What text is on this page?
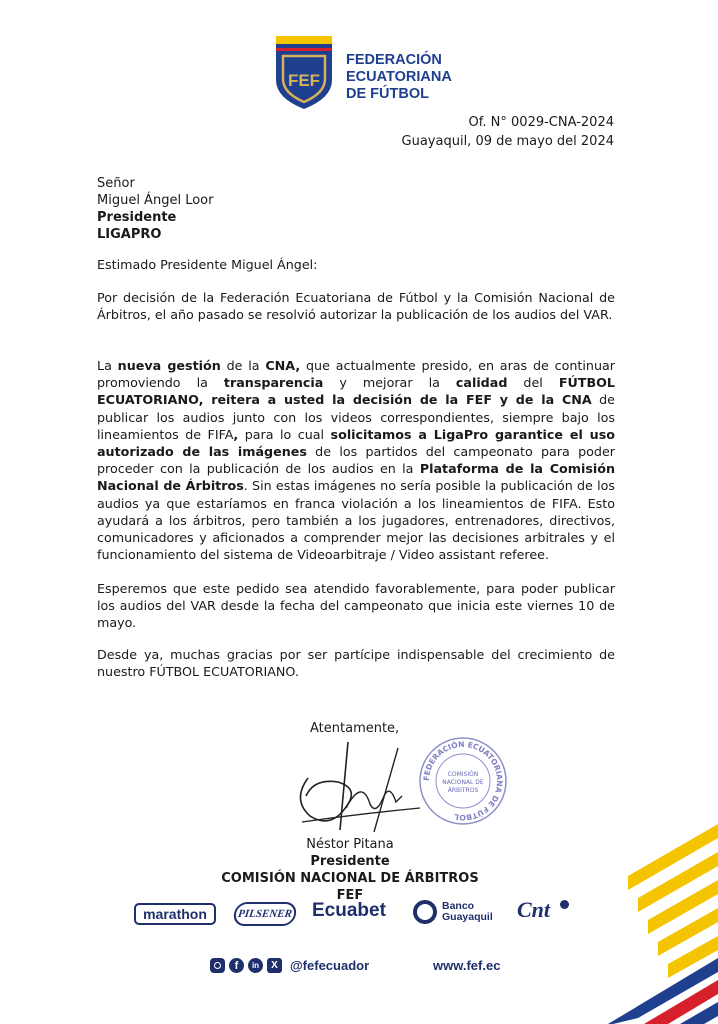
FEF
FEDERACIÓN
ECUATORIANA
DE FÚTBOL
Of. N° 0029-CNA-2024
Guayaquil, 09 de mayo del 2024
Señor
Miguel Ángel Loor
Presidente
LIGAPRO
Estimado Presidente Miguel Ángel:
Por decisión de la Federación Ecuatoriana de Fútbol y la Comisión Nacional de Árbitros, el año pasado se resolvió autorizar la publicación de los audios del VAR.
La nueva gestión de la CNA, que actualmente presido, en aras de continuar promoviendo la transparencia y mejorar la calidad del FÚTBOL ECUATORIANO, reitera a usted la decisión de la FEF y de la CNA de publicar los audios junto con los videos correspondientes, siempre bajo los lineamientos de FIFA, para lo cual solicitamos a LigaPro garantice el uso autorizado de las imágenes de los partidos del campeonato para poder proceder con la publicación de los audios en la Plataforma de la Comisión Nacional de Árbitros. Sin estas imágenes no sería posible la publicación de los audios ya que estaríamos en franca violación a los lineamientos de FIFA. Esto ayudará a los árbitros, pero también a los jugadores, entrenadores, directivos, comunicadores y aficionados a comprender mejor las decisiones arbitrales y el funcionamiento del sistema de Videoarbitraje / Video assistant referee.
Esperemos que este pedido sea atendido favorablemente, para poder publicar los audios del VAR desde la fecha del campeonato que inicia este viernes 10 de mayo.
Desde ya, muchas gracias por ser partícipe indispensable del crecimiento de nuestro FÚTBOL ECUATORIANO.
Atentamente,
FEDERACIÓN ECUATORIANA DE FÚTBOL
COMISIÓN
NACIONAL DE
ÁRBITROS
Néstor Pitana
Presidente
COMISIÓN NACIONAL DE ÁRBITROS
FEF
marathon	PILSENER Ecuabet	Banco
Guayaquil Cnt
f	in	X @fefecuador	www.fef.ec
